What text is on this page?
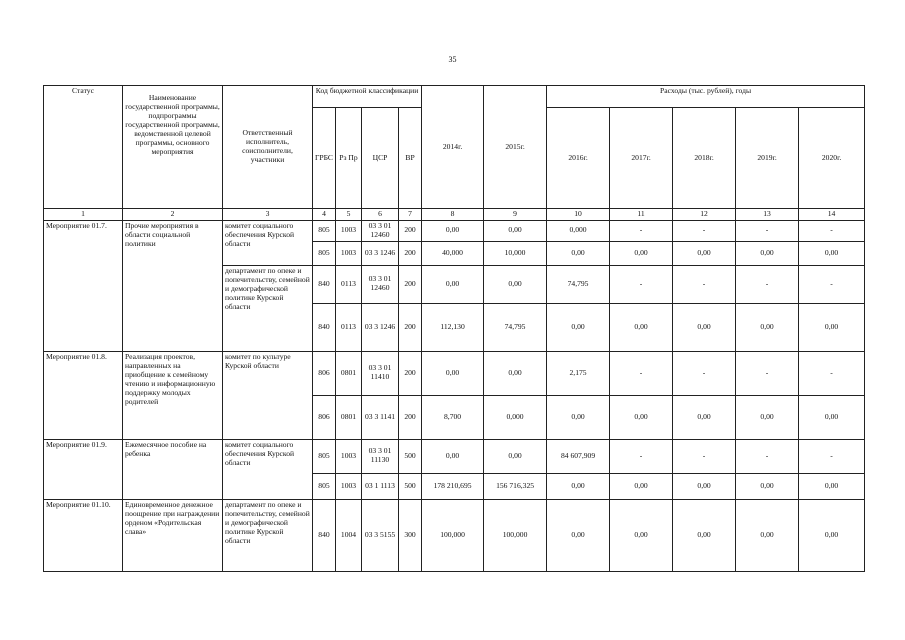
35
Статус	Наименование государственной программы, подпрограммы государственной программы, ведомственной целевой программы, основного мероприятия	Ответственный исполнитель, соисполнители, участники	Код бюджетной классификации				2014г.	2015г.	Расходы (тыс. рублей), годы				
			ГРБС	Рз Пр	ЦСР	ВР			2016г.	2017г.	2018г.	2019г.	2020г.
1	2	3	4	5	6	7	8	9	10	11	12	13	14
Мероприятие 01.7.	Прочие мероприятия в области социальной политики	комитет социального обеспечения Курской области	805	1003	03 3 01 12460	200	0,00	0,00	0,000	-	-	-	-
			805	1003	03 3 1246	200	40,000	10,000	0,00	0,00	0,00	0,00	0,00
		департамент по опеке и попечительству, семейной и демографической политике Курской области	840	0113	03 3 01 12460	200	0,00	0,00	74,795	-	-	-	-
			840	0113	03 3 1246	200	112,130	74,795	0,00	0,00	0,00	0,00	0,00
Мероприятие 01.8.	Реализация проектов, направленных на приобщение к семейному чтению и информационную поддержку молодых родителей	комитет по культуре Курской области	806	0801	03 3 01 11410	200	0,00	0,00	2,175	-	-	-	-
			806	0801	03 3 1141	200	8,700	0,000	0,00	0,00	0,00	0,00	0,00
Мероприятие 01.9.	Ежемесячное пособие на ребенка	комитет социального обеспечения Курской области	805	1003	03 3 01 11130	500	0,00	0,00	84 607,909	-	-	-	-
			805	1003	03 1 1113	500	178 210,695	156 716,325	0,00	0,00	0,00	0,00	0,00
Мероприятие 01.10.	Единовременное денежное поощрение при награждении орденом «Родительская слава»	департамент по опеке и попечительству, семейной и демографической политике Курской области	840	1004	03 3 5155	300	100,000	100,000	0,00	0,00	0,00	0,00	0,00
